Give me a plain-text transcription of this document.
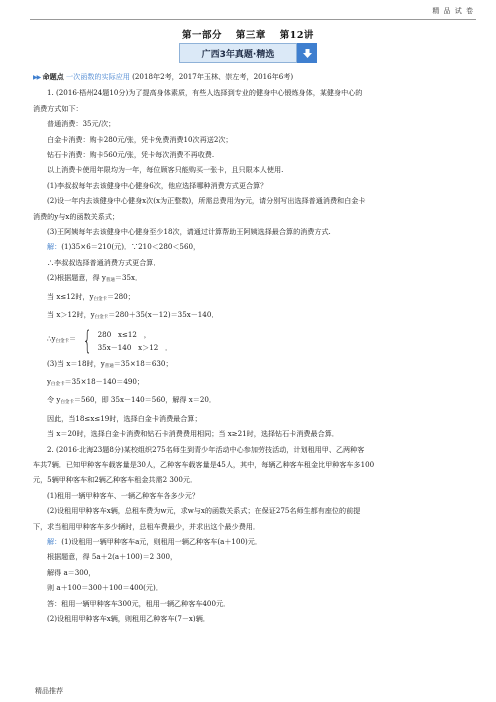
精 品 试 卷
第一部分 第三章 第12讲
广西3年真题·精选
▶▶ 命题点 一次函数的实际应用 (2018年2考，2017年玉林、崇左考，2016年6考)
1. (2016·梧州24题10分)为了提高身体素质，有些人选择到专业的健身中心锻炼身体，某健身中心的
消费方式如下：
普通消费：35元/次；
白金卡消费：购卡280元/张，凭卡免费消费10次再送2次；
钻石卡消费：购卡560元/张，凭卡每次消费不再收费.
以上消费卡使用年限均为一年，每位顾客只能购买一张卡，且只限本人使用.
(1)李叔叔每年去该健身中心健身6次，他应选择哪种消费方式更合算？
(2)设一年内去该健身中心健身x次(x为正整数)，所需总费用为y元，请分别写出选择普通消费和白金卡
消费的y与x的函数关系式；
(3)王阿姨每年去该健身中心健身至少18次，请通过计算帮助王阿姨选择最合算的消费方式.
解：(1)35×6＝210(元)．∵210＜280＜560，
∴李叔叔选择普通消费方式更合算．
(2)根据题意，得 $y_{普通}=35x$．
当 x≤12时，$y_{白金卡}=280$；
当 x＞12时，$y_{白金卡}=280+35(x-12)=35x-140$．
$\therefore y_{白金卡}=$ { 280   x≤12   ，
35x－140   x＞12   ．
(3)当 x＝18时，$y_{普通}=35\times 18=630$；
$y_{白金卡}=35\times 18-140=490$；
令 $y_{白金卡}=560$，即 35x－140＝560，解得 x＝20．
因此，当18≤x≤19时，选择白金卡消费最合算；
当 x＝20时，选择白金卡消费和钻石卡消费费用相同；当 x≥21时，选择钻石卡消费最合算．
2. (2016·北海23题8分)某校组织275名师生到青少年活动中心参加劳技活动，计划租用甲、乙两种客
车共7辆．已知甲种客车载客量是30人，乙种客车载客量是45人，其中，每辆乙种客车租金比甲种客车多100
元，5辆甲种客车和2辆乙种客车租金共需2 300元．
(1)租用一辆甲种客车、一辆乙种客车各多少元？
(2)设租用甲种客车x辆，总租车费为w元，求w与x的函数关系式；在保证275名师生都有座位的前提
下，求当租用甲种客车多少辆时，总租车费最少，并求出这个最少费用．
解：(1)设租用一辆甲种客车a元，则租用一辆乙种客车(a＋100)元．
根据题意，得 5a＋2(a＋100)＝2 300，
解得 a＝300，
则 a＋100＝300＋100＝400(元)．
答：租用一辆甲种客车300元，租用一辆乙种客车400元．
(2)设租用甲种客车x辆，则租用乙种客车(7－x)辆．
精品推荐
